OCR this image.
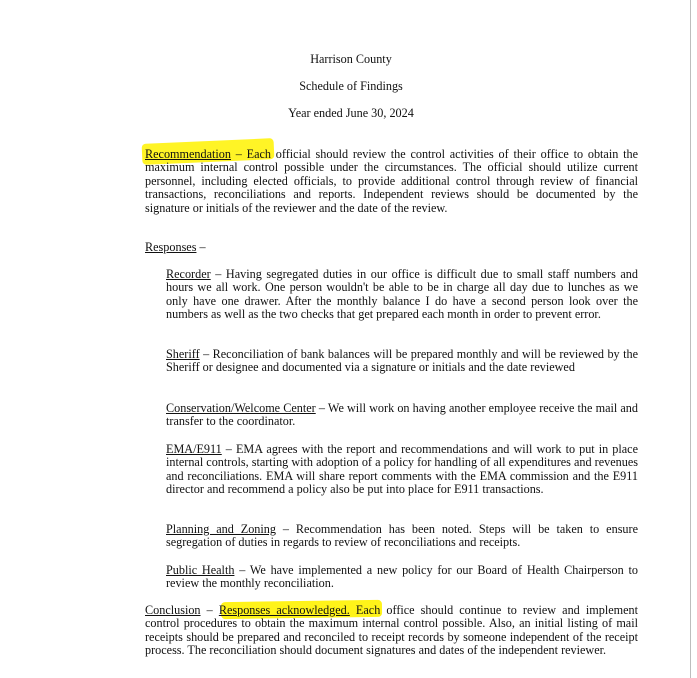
Harrison County
Schedule of Findings
Year ended June 30, 2024
Recommendation – Each official should review the control activities of their office to obtain the maximum internal control possible under the circumstances. The official should utilize current personnel, including elected officials, to provide additional control through review of financial transactions, reconciliations and reports. Independent reviews should be documented by the signature or initials of the reviewer and the date of the review.
Responses –
Recorder – Having segregated duties in our office is difficult due to small staff numbers and hours we all work. One person wouldn't be able to be in charge all day due to lunches as we only have one drawer. After the monthly balance I do have a second person look over the numbers as well as the two checks that get prepared each month in order to prevent error.
Sheriff – Reconciliation of bank balances will be prepared monthly and will be reviewed by the Sheriff or designee and documented via a signature or initials and the date reviewed
Conservation/Welcome Center – We will work on having another employee receive the mail and transfer to the coordinator.
EMA/E911 – EMA agrees with the report and recommendations and will work to put in place internal controls, starting with adoption of a policy for handling of all expenditures and revenues and reconciliations. EMA will share report comments with the EMA commission and the E911 director and recommend a policy also be put into place for E911 transactions.
Planning and Zoning – Recommendation has been noted. Steps will be taken to ensure segregation of duties in regards to review of reconciliations and receipts.
Public Health – We have implemented a new policy for our Board of Health Chairperson to review the monthly reconciliation.
Conclusion – Responses acknowledged. Each office should continue to review and implement control procedures to obtain the maximum internal control possible. Also, an initial listing of mail receipts should be prepared and reconciled to receipt records by someone independent of the receipt process. The reconciliation should document signatures and dates of the independent reviewer.
